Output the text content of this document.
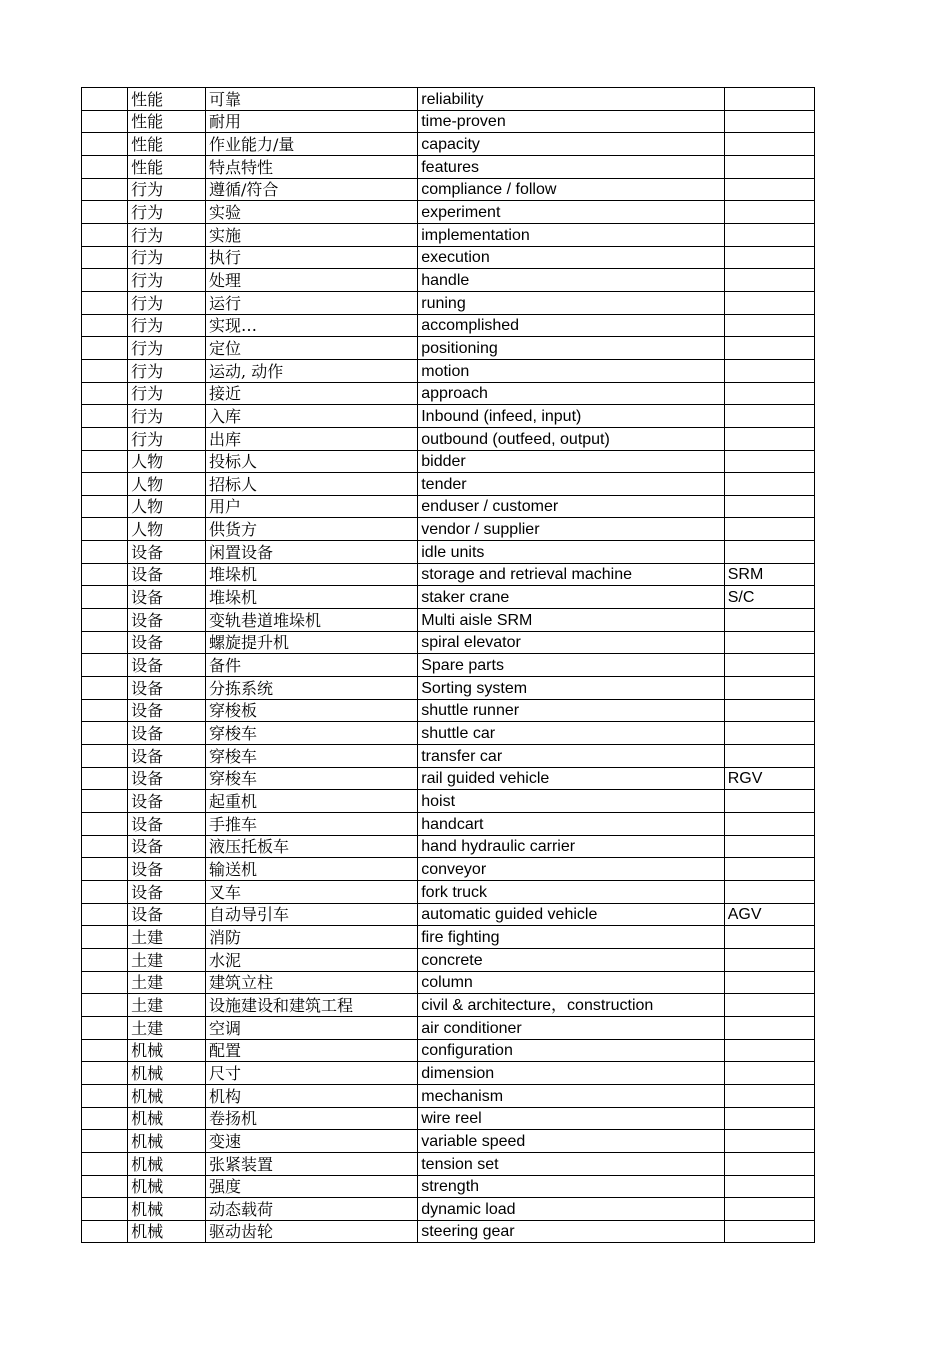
	性能	可靠	reliability	
	性能	耐用	time-proven	
	性能	作业能力/量	capacity	
	性能	特点特性	features	
	行为	遵循/符合	compliance / follow	
	行为	实验	experiment	
	行为	实施	implementation	
	行为	执行	execution	
	行为	处理	handle	
	行为	运行	runing	
	行为	实现…	accomplished	
	行为	定位	positioning	
	行为	运动, 动作	motion	
	行为	接近	approach	
	行为	入库	Inbound (infeed, input)	
	行为	出库	outbound (outfeed, output)	
	人物	投标人	bidder	
	人物	招标人	tender	
	人物	用户	enduser / customer	
	人物	供货方	vendor / supplier	
	设备	闲置设备	idle units	
	设备	堆垛机	storage and retrieval machine	SRM
	设备	堆垛机	staker crane	S/C
	设备	变轨巷道堆垛机	Multi aisle SRM	
	设备	螺旋提升机	spiral elevator	
	设备	备件	Spare parts	
	设备	分拣系统	Sorting system	
	设备	穿梭板	shuttle runner	
	设备	穿梭车	shuttle car	
	设备	穿梭车	transfer car	
	设备	穿梭车	rail guided vehicle	RGV
	设备	起重机	hoist	
	设备	手推车	handcart	
	设备	液压托板车	hand hydraulic carrier	
	设备	输送机	conveyor	
	设备	叉车	fork truck	
	设备	自动导引车	automatic guided vehicle	AGV
	土建	消防	fire fighting	
	土建	水泥	concrete	
	土建	建筑立柱	column	
	土建	设施建设和建筑工程	civil & architecture，construction	
	土建	空调	air conditioner	
	机械	配置	configuration	
	机械	尺寸	dimension	
	机械	机构	mechanism	
	机械	卷扬机	wire reel	
	机械	变速	variable speed	
	机械	张紧装置	tension set	
	机械	强度	strength	
	机械	动态载荷	dynamic load	
	机械	驱动齿轮	steering gear	
